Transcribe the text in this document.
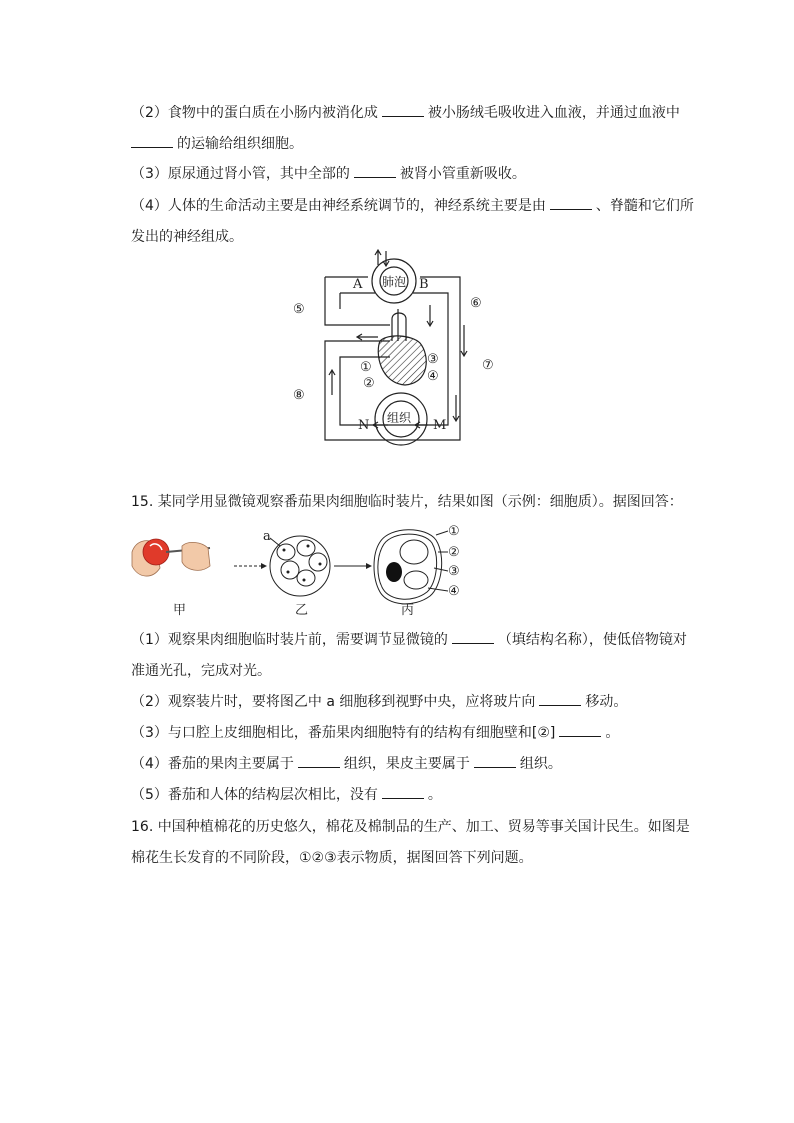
（2）食物中的蛋白质在小肠内被消化成	被小肠绒毛吸收进入血液，并通过血液中
的运输给组织细胞。
（3）原尿通过肾小管，其中全部的	被肾小管重新吸收。
（4）人体的生命活动主要是由神经系统调节的，神经系统主要是由	、脊髓和它们所
发出的神经组成。
肺泡
A	B
组织
N	M
①
②
③
④
⑤	⑥
⑦
⑧
15. 某同学用显微镜观察番茄果肉细胞临时装片，结果如图（示例：细胞质）。据图回答：
a	①
②
③
④
甲	乙	丙
（1）观察果肉细胞临时装片前，需要调节显微镜的	（填结构名称），使低倍物镜对
准通光孔，完成对光。
（2）观察装片时，要将图乙中 a 细胞移到视野中央，应将玻片向	移动。
（3）与口腔上皮细胞相比，番茄果肉细胞特有的结构有细胞壁和[②]	。
（4）番茄的果肉主要属于	组织，果皮主要属于	组织。
（5）番茄和人体的结构层次相比，没有	。
16. 中国种植棉花的历史悠久，棉花及棉制品的生产、加工、贸易等事关国计民生。如图是
棉花生长发育的不同阶段，①②③表示物质，据图回答下列问题。
